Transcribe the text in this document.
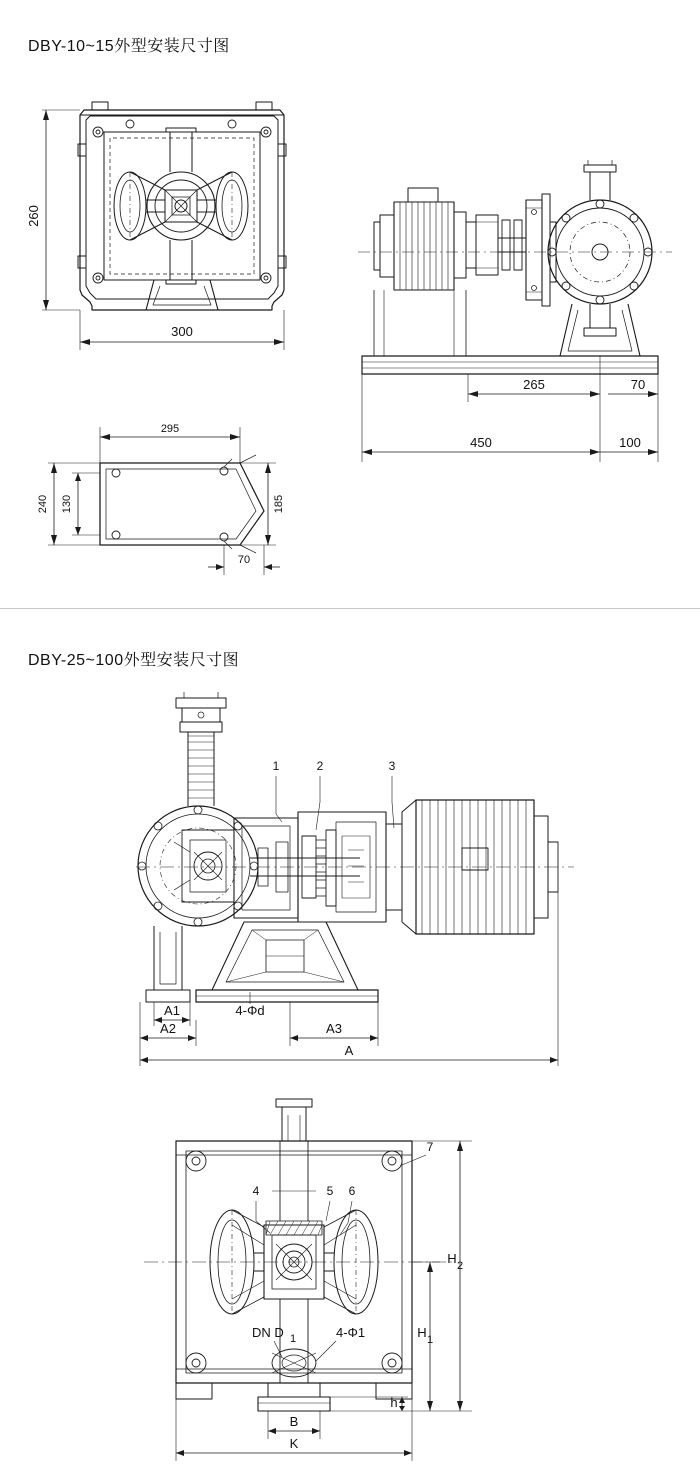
DBY-10~15外型安装尺寸图
260
300
265	70
450	100
295
240 130	185
70
DBY-25~100外型安装尺寸图
1	2	3
A1
A2
4-Φd
A3
A
4	5 6
7
H 2
H 1
h
DN D 1	4-Φ1
B
K
